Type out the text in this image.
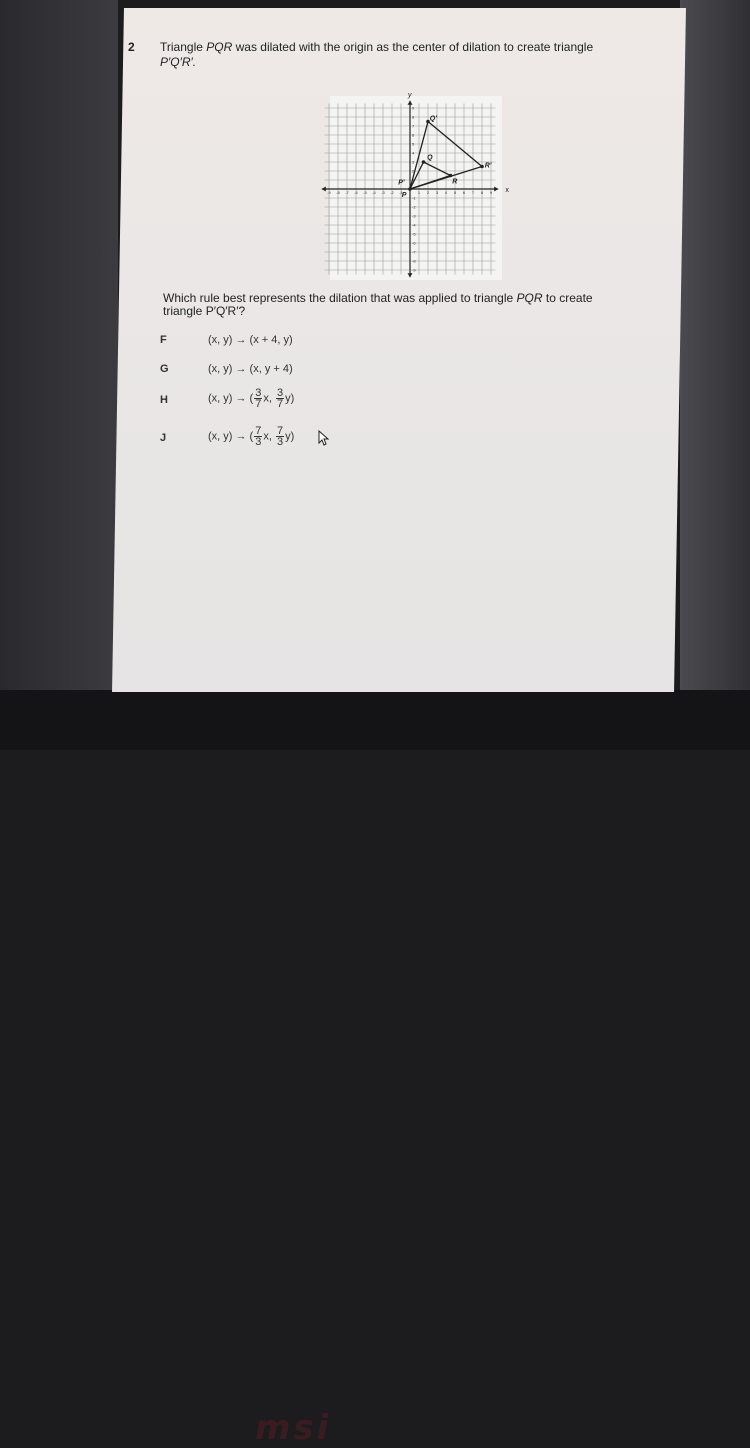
msi
2 Triangle PQR was dilated with the origin as the center of dilation to create triangle
P′Q′R′.
x
y
-9 -8 -7 -6 -5 -4 -3 -2 -1	1 2 3 4 5 6 7 8 9
1
2
3
4
5
6
7
8
9
-1
-2
-3
-4
-5
-6
-7
-8
-9
P
Q
R
P′
Q′
R′
Which rule best represents the dilation that was applied to triangle PQR to create
triangle P′Q′R′?
F	(x, y) → (x + 4, y)
G	(x, y) → (x, y + 4)
H	(x, y) → ( $\frac{3}{7} x$, $\frac{3}{7} y$)
J	(x, y) → ( $\frac{7}{3} x$, $\frac{7}{3} y$)
